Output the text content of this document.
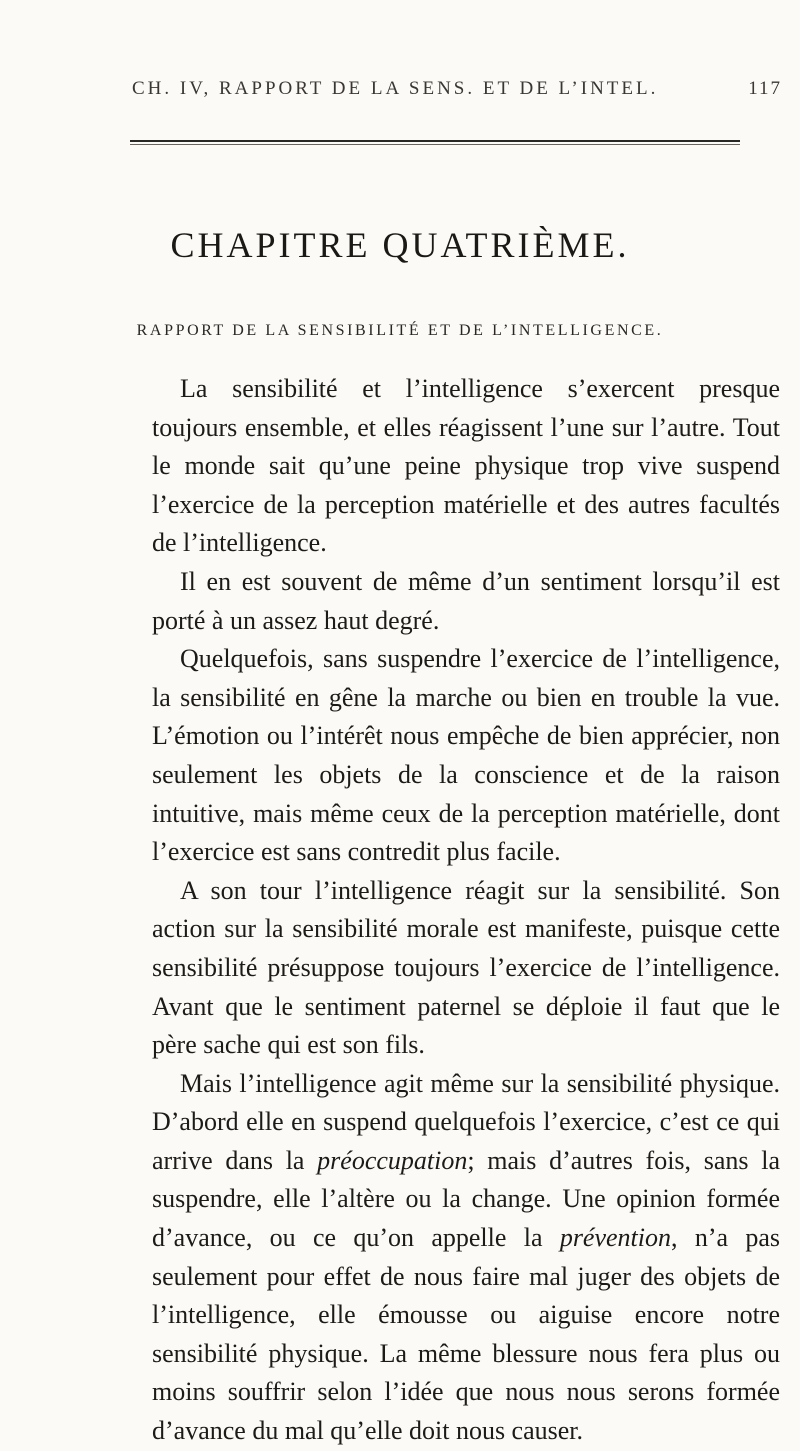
CH. IV, RAPPORT DE LA SENS. ET DE L’INTEL.	117
CHAPITRE QUATRIÈME.
RAPPORT DE LA SENSIBILITÉ ET DE L’INTELLIGENCE.

La sensibilité et l’intelligence s’exercent presque toujours ensemble, et elles réagissent l’une sur l’autre. Tout le monde sait qu’une peine physique trop vive suspend l’exercice de la perception matérielle et des autres facultés de l’intelligence.

Il en est souvent de même d’un sentiment lorsqu’il est porté à un assez haut degré.

Quelquefois, sans suspendre l’exercice de l’intelligence, la sensibilité en gêne la marche ou bien en trouble la vue. L’émotion ou l’intérêt nous empêche de bien apprécier, non seulement les objets de la conscience et de la raison intuitive, mais même ceux de la perception matérielle, dont l’exercice est sans contredit plus facile.

A son tour l’intelligence réagit sur la sensibilité. Son action sur la sensibilité morale est manifeste, puisque cette sensibilité présuppose toujours l’exercice de l’intelligence. Avant que le sentiment paternel se déploie il faut que le père sache qui est son fils.

Mais l’intelligence agit même sur la sensibilité physique. D’abord elle en suspend quelquefois l’exercice, c’est ce qui arrive dans la préoccupation; mais d’autres fois, sans la suspendre, elle l’altère ou la change. Une opinion formée d’avance, ou ce qu’on appelle la prévention, n’a pas seulement pour effet de nous faire mal juger des objets de l’intelligence, elle émousse ou aiguise encore notre sensibilité physique. La même blessure nous fera plus ou moins souffrir selon l’idée que nous nous serons formée d’avance du mal qu’elle doit nous causer.
